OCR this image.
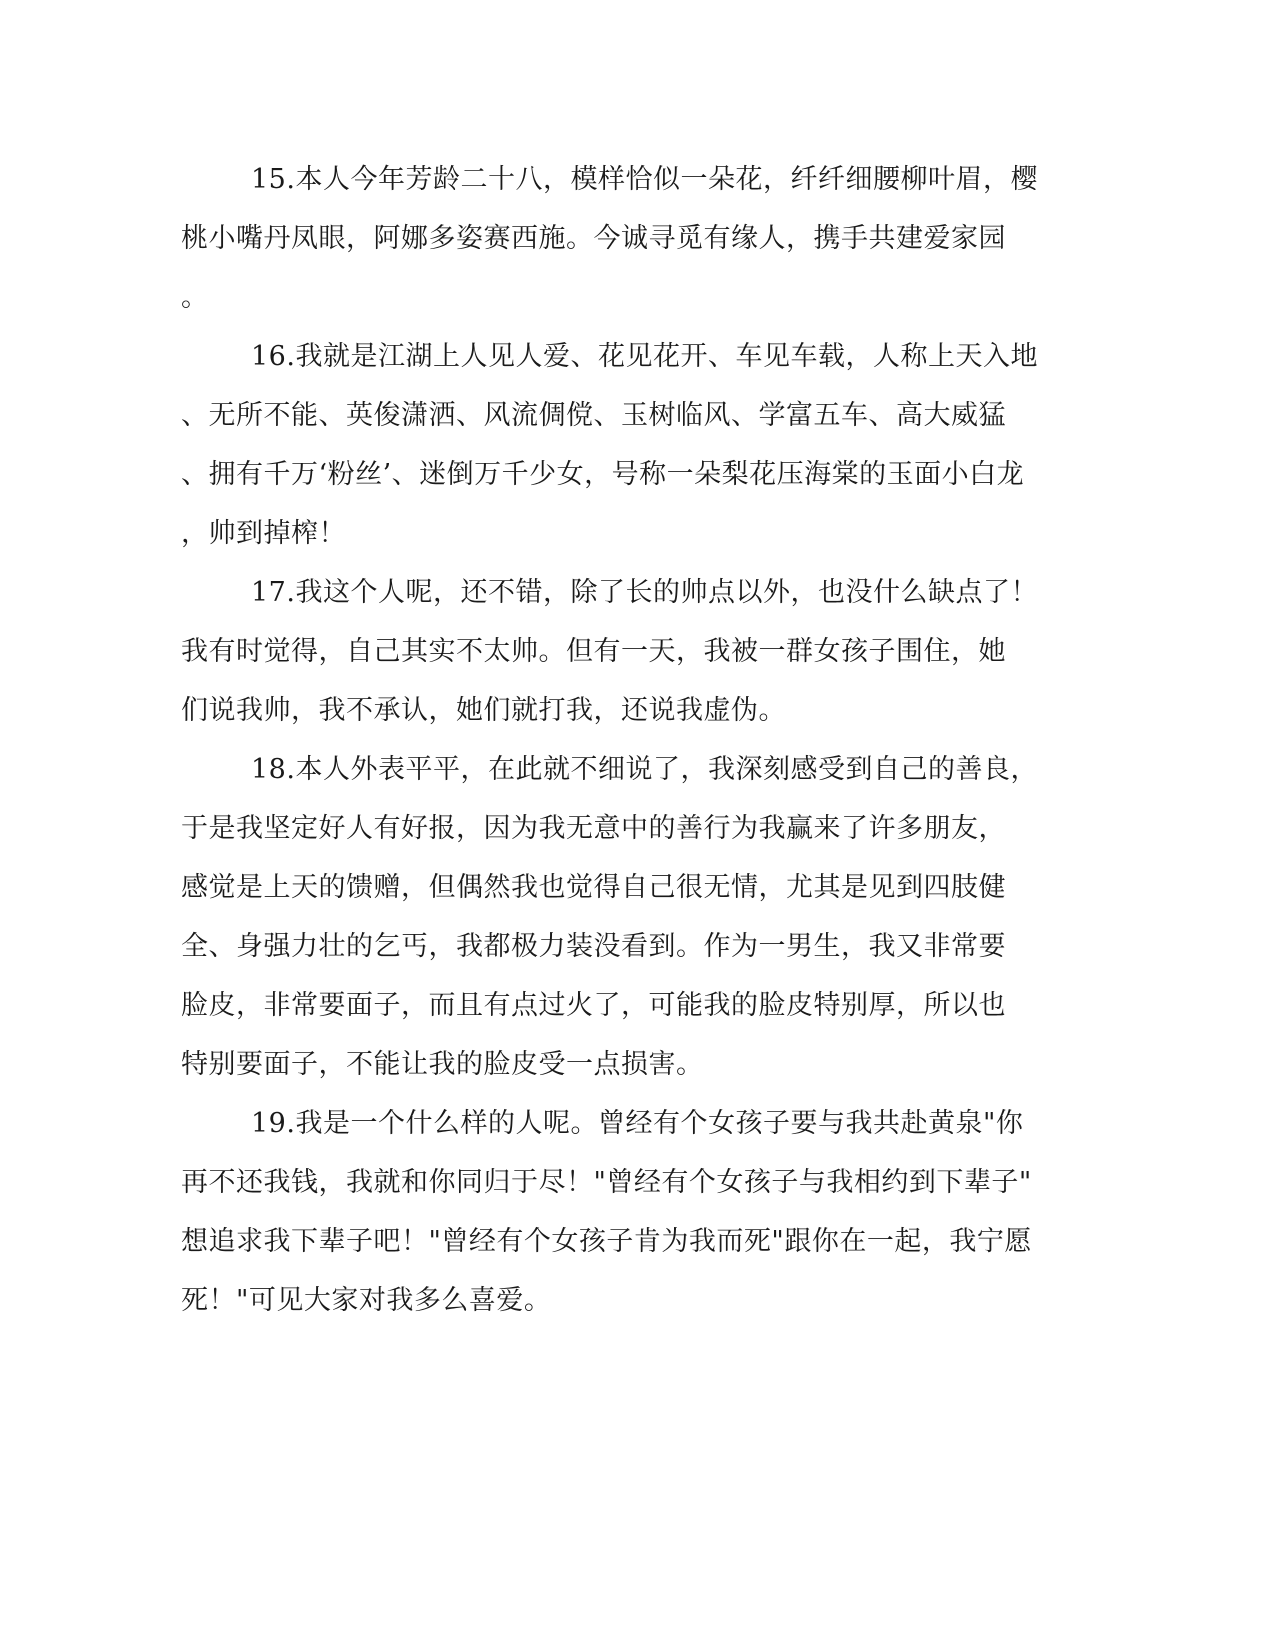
15.本人今年芳龄二十八，模样恰似一朵花，纤纤细腰柳叶眉，樱
桃小嘴丹凤眼，阿娜多姿赛西施。今诚寻觅有缘人，携手共建爱家园
。
16.我就是江湖上人见人爱、花见花开、车见车载，人称上天入地
、无所不能、英俊潇洒、风流倜傥、玉树临风、学富五车、高大威猛
、拥有千万‘粉丝’、迷倒万千少女，号称一朵梨花压海棠的玉面小白龙
，帅到掉榨！
17.我这个人呢，还不错，除了长的帅点以外，也没什么缺点了！
我有时觉得，自己其实不太帅。但有一天，我被一群女孩子围住，她
们说我帅，我不承认，她们就打我，还说我虚伪。
18.本人外表平平，在此就不细说了，我深刻感受到自己的善良，
于是我坚定好人有好报，因为我无意中的善行为我赢来了许多朋友，
感觉是上天的馈赠，但偶然我也觉得自己很无情，尤其是见到四肢健
全、身强力壮的乞丐，我都极力装没看到。作为一男生，我又非常要
脸皮，非常要面子，而且有点过火了，可能我的脸皮特别厚，所以也
特别要面子，不能让我的脸皮受一点损害。
19.我是一个什么样的人呢。曾经有个女孩子要与我共赴黄泉"你
再不还我钱，我就和你同归于尽！"曾经有个女孩子与我相约到下辈子"
想追求我下辈子吧！"曾经有个女孩子肯为我而死"跟你在一起，我宁愿
死！"可见大家对我多么喜爱。
